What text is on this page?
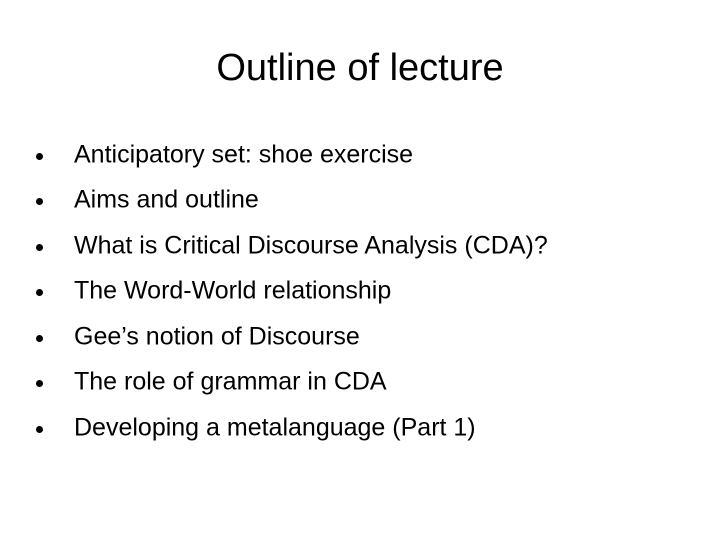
Outline of lecture
Anticipatory set: shoe exercise
Aims and outline
What is Critical Discourse Analysis (CDA)?
The Word-World relationship
Gee’s notion of Discourse
The role of grammar in CDA
Developing a metalanguage (Part 1)
